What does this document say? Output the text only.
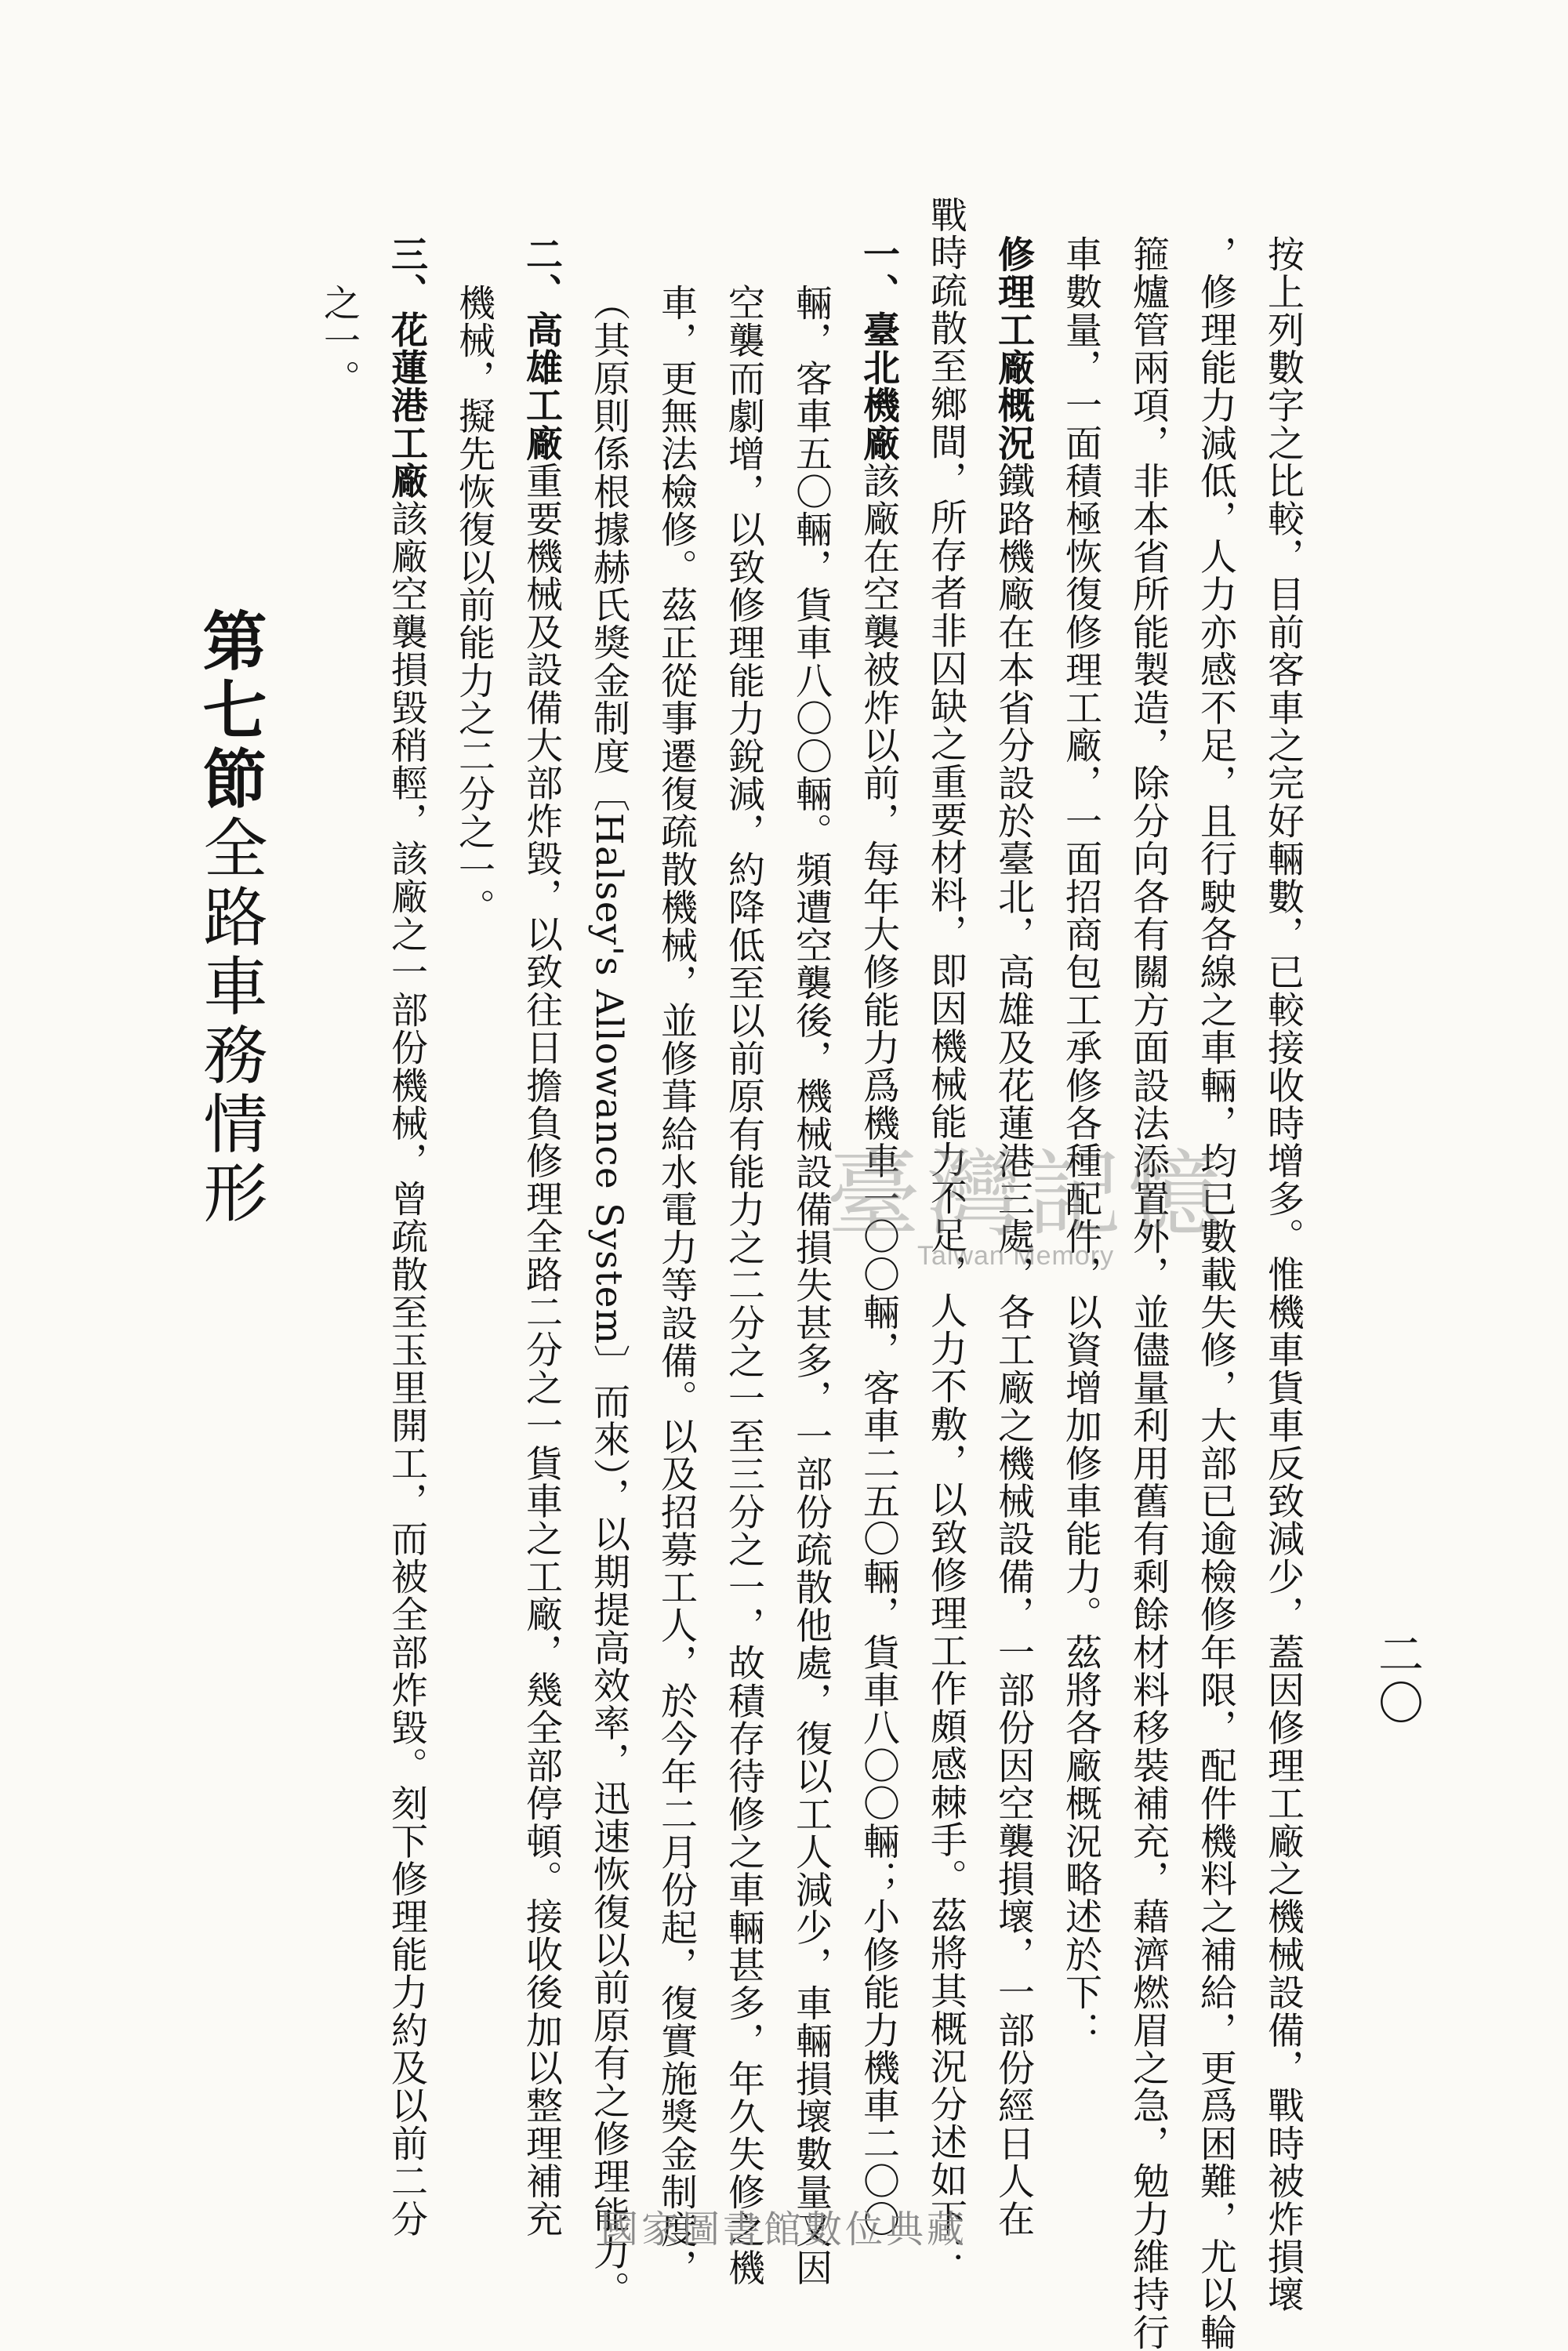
二〇
按上列數字之比較，目前客車之完好輛數，已較接收時增多。惟機車貨車反致減少，蓋因修理工廠之機械設備，戰時被炸損壞
，修理能力減低，人力亦感不足，且行駛各線之車輛，均已數載失修，大部已逾檢修年限，配件機料之補給，更爲困難，尤以輪
箍爐管兩項，非本省所能製造，除分向各有關方面設法添置外，並儘量利用舊有剩餘材料移裝補充，藉濟燃眉之急，勉力維持行
車數量，一面積極恢復修理工廠，一面招商包工承修各種配件，以資增加修車能力。茲將各廠概況略述於下：
修理工廠概況鐵路機廠在本省分設於臺北，高雄及花蓮港三處，各工廠之機械設備，一部份因空襲損壞，一部份經日人在
戰時疏散至鄉間，所存者非囚缺之重要材料，即因機械能力不足，人力不敷，以致修理工作頗感棘手。茲將其概況分述如下：
一、臺北機廠該廠在空襲被炸以前，每年大修能力爲機車一〇〇輛，客車二五〇輛，貨車八〇〇輛；小修能力機車二〇〇
輛，客車五〇輛，貨車八〇〇輛。頻遭空襲後，機械設備損失甚多，一部份疏散他處，復以工人減少，車輛損壞數量又因
空襲而劇增，以致修理能力銳減，約降低至以前原有能力之二分之一至三分之一，故積存待修之車輛甚多，年久失修之機
車，更無法檢修。茲正從事遷復疏散機械，並修葺給水電力等設備。以及招募工人，於今年二月份起，復實施獎金制度，
（其原則係根據赫氏獎金制度〔Halsey's Allowance System〕而來），以期提高效率，迅速恢復以前原有之修理能力。
二、高雄工廠重要機械及設備大部炸毀，以致往日擔負修理全路二分之一貨車之工廠，幾全部停頓。接收後加以整理補充
機械，擬先恢復以前能力之二分之一。
三、花蓮港工廠該廠空襲損毀稍輕，該廠之一部份機械，曾疏散至玉里開工，而被全部炸毀。刻下修理能力約及以前二分
之一。
第七節全路車務情形	臺灣記憶
Taiwan Memory
國家圖書館數位典藏
